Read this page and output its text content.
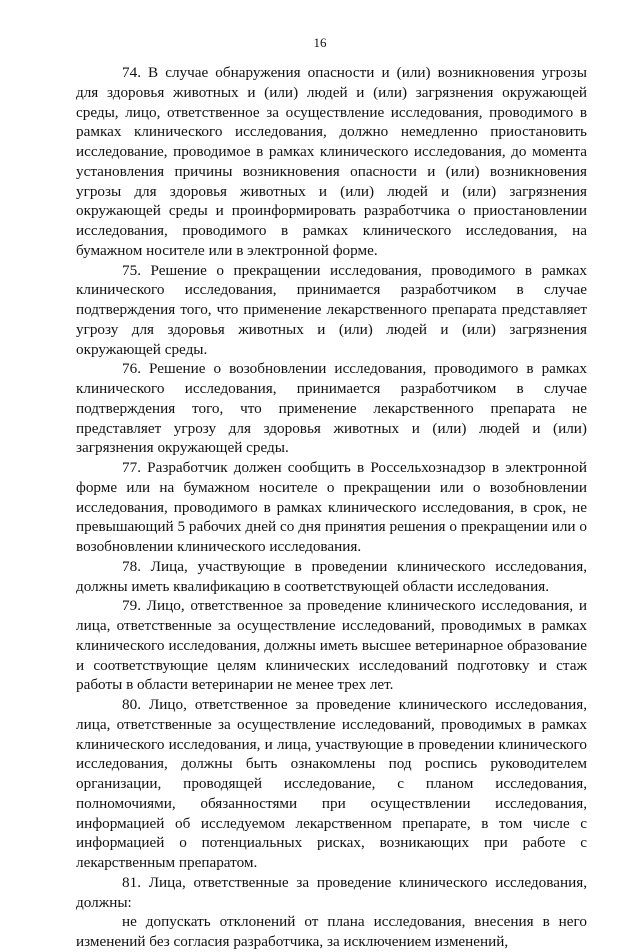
16

74. В случае обнаружения опасности и (или) возникновения угрозы для здоровья животных и (или) людей и (или) загрязнения окружающей среды, лицо, ответственное за осуществление исследования, проводимого в рамках клинического исследования, должно немедленно приостановить исследование, проводимое в рамках клинического исследования, до момента установления причины возникновения опасности и (или) возникновения угрозы для здоровья животных и (или) людей и (или) загрязнения окружающей среды и проинформировать разработчика о приостановлении исследования, проводимого в рамках клинического исследования, на бумажном носителе или в электронной форме.

75. Решение о прекращении исследования, проводимого в рамках клинического исследования, принимается разработчиком в случае подтверждения того, что применение лекарственного препарата представляет угрозу для здоровья животных и (или) людей и (или) загрязнения окружающей среды.

76. Решение о возобновлении исследования, проводимого в рамках клинического исследования, принимается разработчиком в случае подтверждения того, что применение лекарственного препарата не представляет угрозу для здоровья животных и (или) людей и (или) загрязнения окружающей среды.

77. Разработчик должен сообщить в Россельхознадзор в электронной форме или на бумажном носителе о прекращении или о возобновлении исследования, проводимого в рамках клинического исследования, в срок, не превышающий 5 рабочих дней со дня принятия решения о прекращении или о возобновлении клинического исследования.

78. Лица, участвующие в проведении клинического исследования, должны иметь квалификацию в соответствующей области исследования.

79. Лицо, ответственное за проведение клинического исследования, и лица, ответственные за осуществление исследований, проводимых в рамках клинического исследования, должны иметь высшее ветеринарное образование и соответствующие целям клинических исследований подготовку и стаж работы в области ветеринарии не менее трех лет.

80. Лицо, ответственное за проведение клинического исследования, лица, ответственные за осуществление исследований, проводимых в рамках клинического исследования, и лица, участвующие в проведении клинического исследования, должны быть ознакомлены под роспись руководителем организации, проводящей исследование, с планом исследования, полномочиями, обязанностями при осуществлении исследования, информацией об исследуемом лекарственном препарате, в том числе с информацией о потенциальных рисках, возникающих при работе с лекарственным препаратом.

81. Лица, ответственные за проведение клинического исследования, должны:

не допускать отклонений от плана исследования, внесения в него изменений без согласия разработчика, за исключением изменений,
